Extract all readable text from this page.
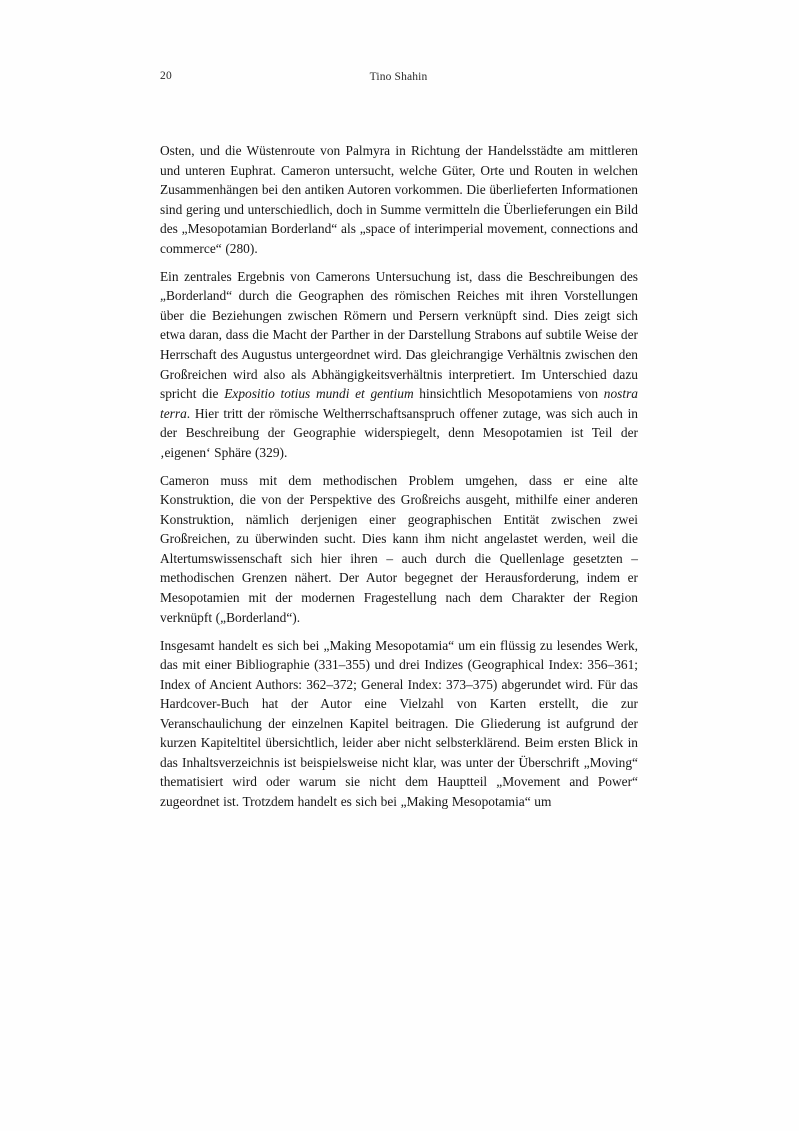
20	Tino Shahin

Osten, und die Wüstenroute von Palmyra in Richtung der Handelsstädte am mittleren und unteren Euphrat. Cameron untersucht, welche Güter, Orte und Routen in welchen Zusammenhängen bei den antiken Autoren vorkommen. Die überlieferten Informationen sind gering und unterschiedlich, doch in Summe vermitteln die Überlieferungen ein Bild des „Mesopotamian Borderland“ als „space of interimperial movement, connections and commerce“ (280).

Ein zentrales Ergebnis von Camerons Untersuchung ist, dass die Beschreibungen des „Borderland“ durch die Geographen des römischen Reiches mit ihren Vorstellungen über die Beziehungen zwischen Römern und Persern verknüpft sind. Dies zeigt sich etwa daran, dass die Macht der Parther in der Darstellung Strabons auf subtile Weise der Herrschaft des Augustus untergeordnet wird. Das gleichrangige Verhältnis zwischen den Großreichen wird also als Abhängigkeitsverhältnis interpretiert. Im Unterschied dazu spricht die Expositio totius mundi et gentium hinsichtlich Mesopotamiens von nostra terra. Hier tritt der römische Weltherrschaftsanspruch offener zutage, was sich auch in der Beschreibung der Geographie widerspiegelt, denn Mesopotamien ist Teil der ‚eigenen‘ Sphäre (329).

Cameron muss mit dem methodischen Problem umgehen, dass er eine alte Konstruktion, die von der Perspektive des Großreichs ausgeht, mithilfe einer anderen Konstruktion, nämlich derjenigen einer geographischen Entität zwischen zwei Großreichen, zu überwinden sucht. Dies kann ihm nicht angelastet werden, weil die Altertumswissenschaft sich hier ihren – auch durch die Quellenlage gesetzten – methodischen Grenzen nähert. Der Autor begegnet der Herausforderung, indem er Mesopotamien mit der modernen Fragestellung nach dem Charakter der Region verknüpft („Borderland“).

Insgesamt handelt es sich bei „Making Mesopotamia“ um ein flüssig zu lesendes Werk, das mit einer Bibliographie (331–355) und drei Indizes (Geographical Index: 356–361; Index of Ancient Authors: 362–372; General Index: 373–375) abgerundet wird. Für das Hardcover-Buch hat der Autor eine Vielzahl von Karten erstellt, die zur Veranschaulichung der einzelnen Kapitel beitragen. Die Gliederung ist aufgrund der kurzen Kapiteltitel übersichtlich, leider aber nicht selbsterklärend. Beim ersten Blick in das Inhaltsverzeichnis ist beispielsweise nicht klar, was unter der Überschrift „Moving“ thematisiert wird oder warum sie nicht dem Hauptteil „Movement and Power“ zugeordnet ist. Trotzdem handelt es sich bei „Making Mesopotamia“ um
